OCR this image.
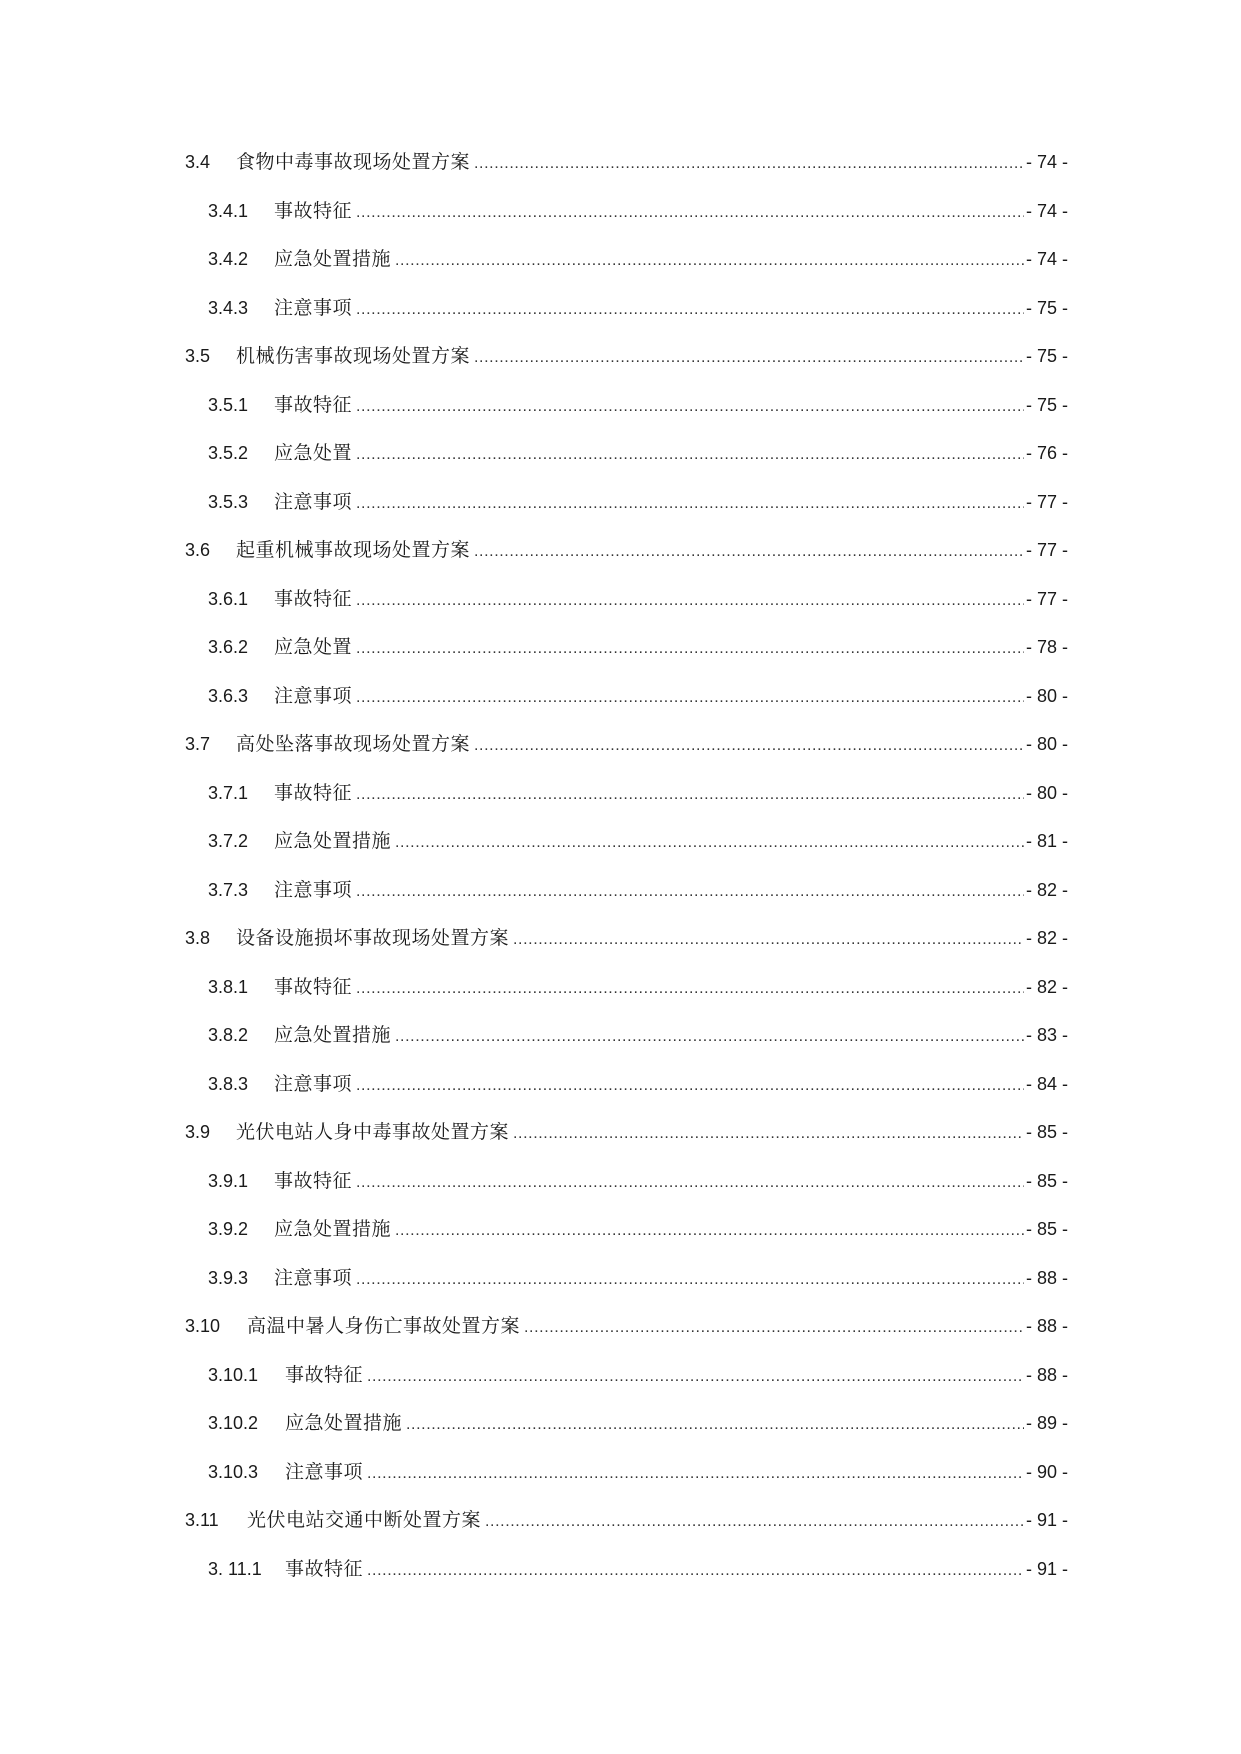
3.4	食物中毒事故现场处置方案 .....	- 74 -
3.4.1	事故特征 .....	- 74 -
3.4.2	应急处置措施 .....	- 74 -
3.4.3	注意事项 .....	- 75 -
3.5	机械伤害事故现场处置方案 .....	- 75 -
3.5.1	事故特征 .....	- 75 -
3.5.2	应急处置 .....	- 76 -
3.5.3	注意事项 .....	- 77 -
3.6	起重机械事故现场处置方案 .....	- 77 -
3.6.1	事故特征 .....	- 77 -
3.6.2	应急处置 .....	- 78 -
3.6.3	注意事项 .....	- 80 -
3.7	高处坠落事故现场处置方案 .....	- 80 -
3.7.1	事故特征 .....	- 80 -
3.7.2	应急处置措施 .....	- 81 -
3.7.3	注意事项 .....	- 82 -
3.8	设备设施损坏事故现场处置方案 .....	- 82 -
3.8.1	事故特征 .....	- 82 -
3.8.2	应急处置措施 .....	- 83 -
3.8.3	注意事项 .....	- 84 -
3.9	光伏电站人身中毒事故处置方案 .....	- 85 -
3.9.1	事故特征 .....	- 85 -
3.9.2	应急处置措施 .....	- 85 -
3.9.3	注意事项 .....	- 88 -
3.10	高温中暑人身伤亡事故处置方案 .....	- 88 -
3.10.1	事故特征 .....	- 88 -
3.10.2	应急处置措施 .....	- 89 -
3.10.3	注意事项 .....	- 90 -
3.11	光伏电站交通中断处置方案 .....	- 91 -
3. 11.1	事故特征 .....	- 91 -
